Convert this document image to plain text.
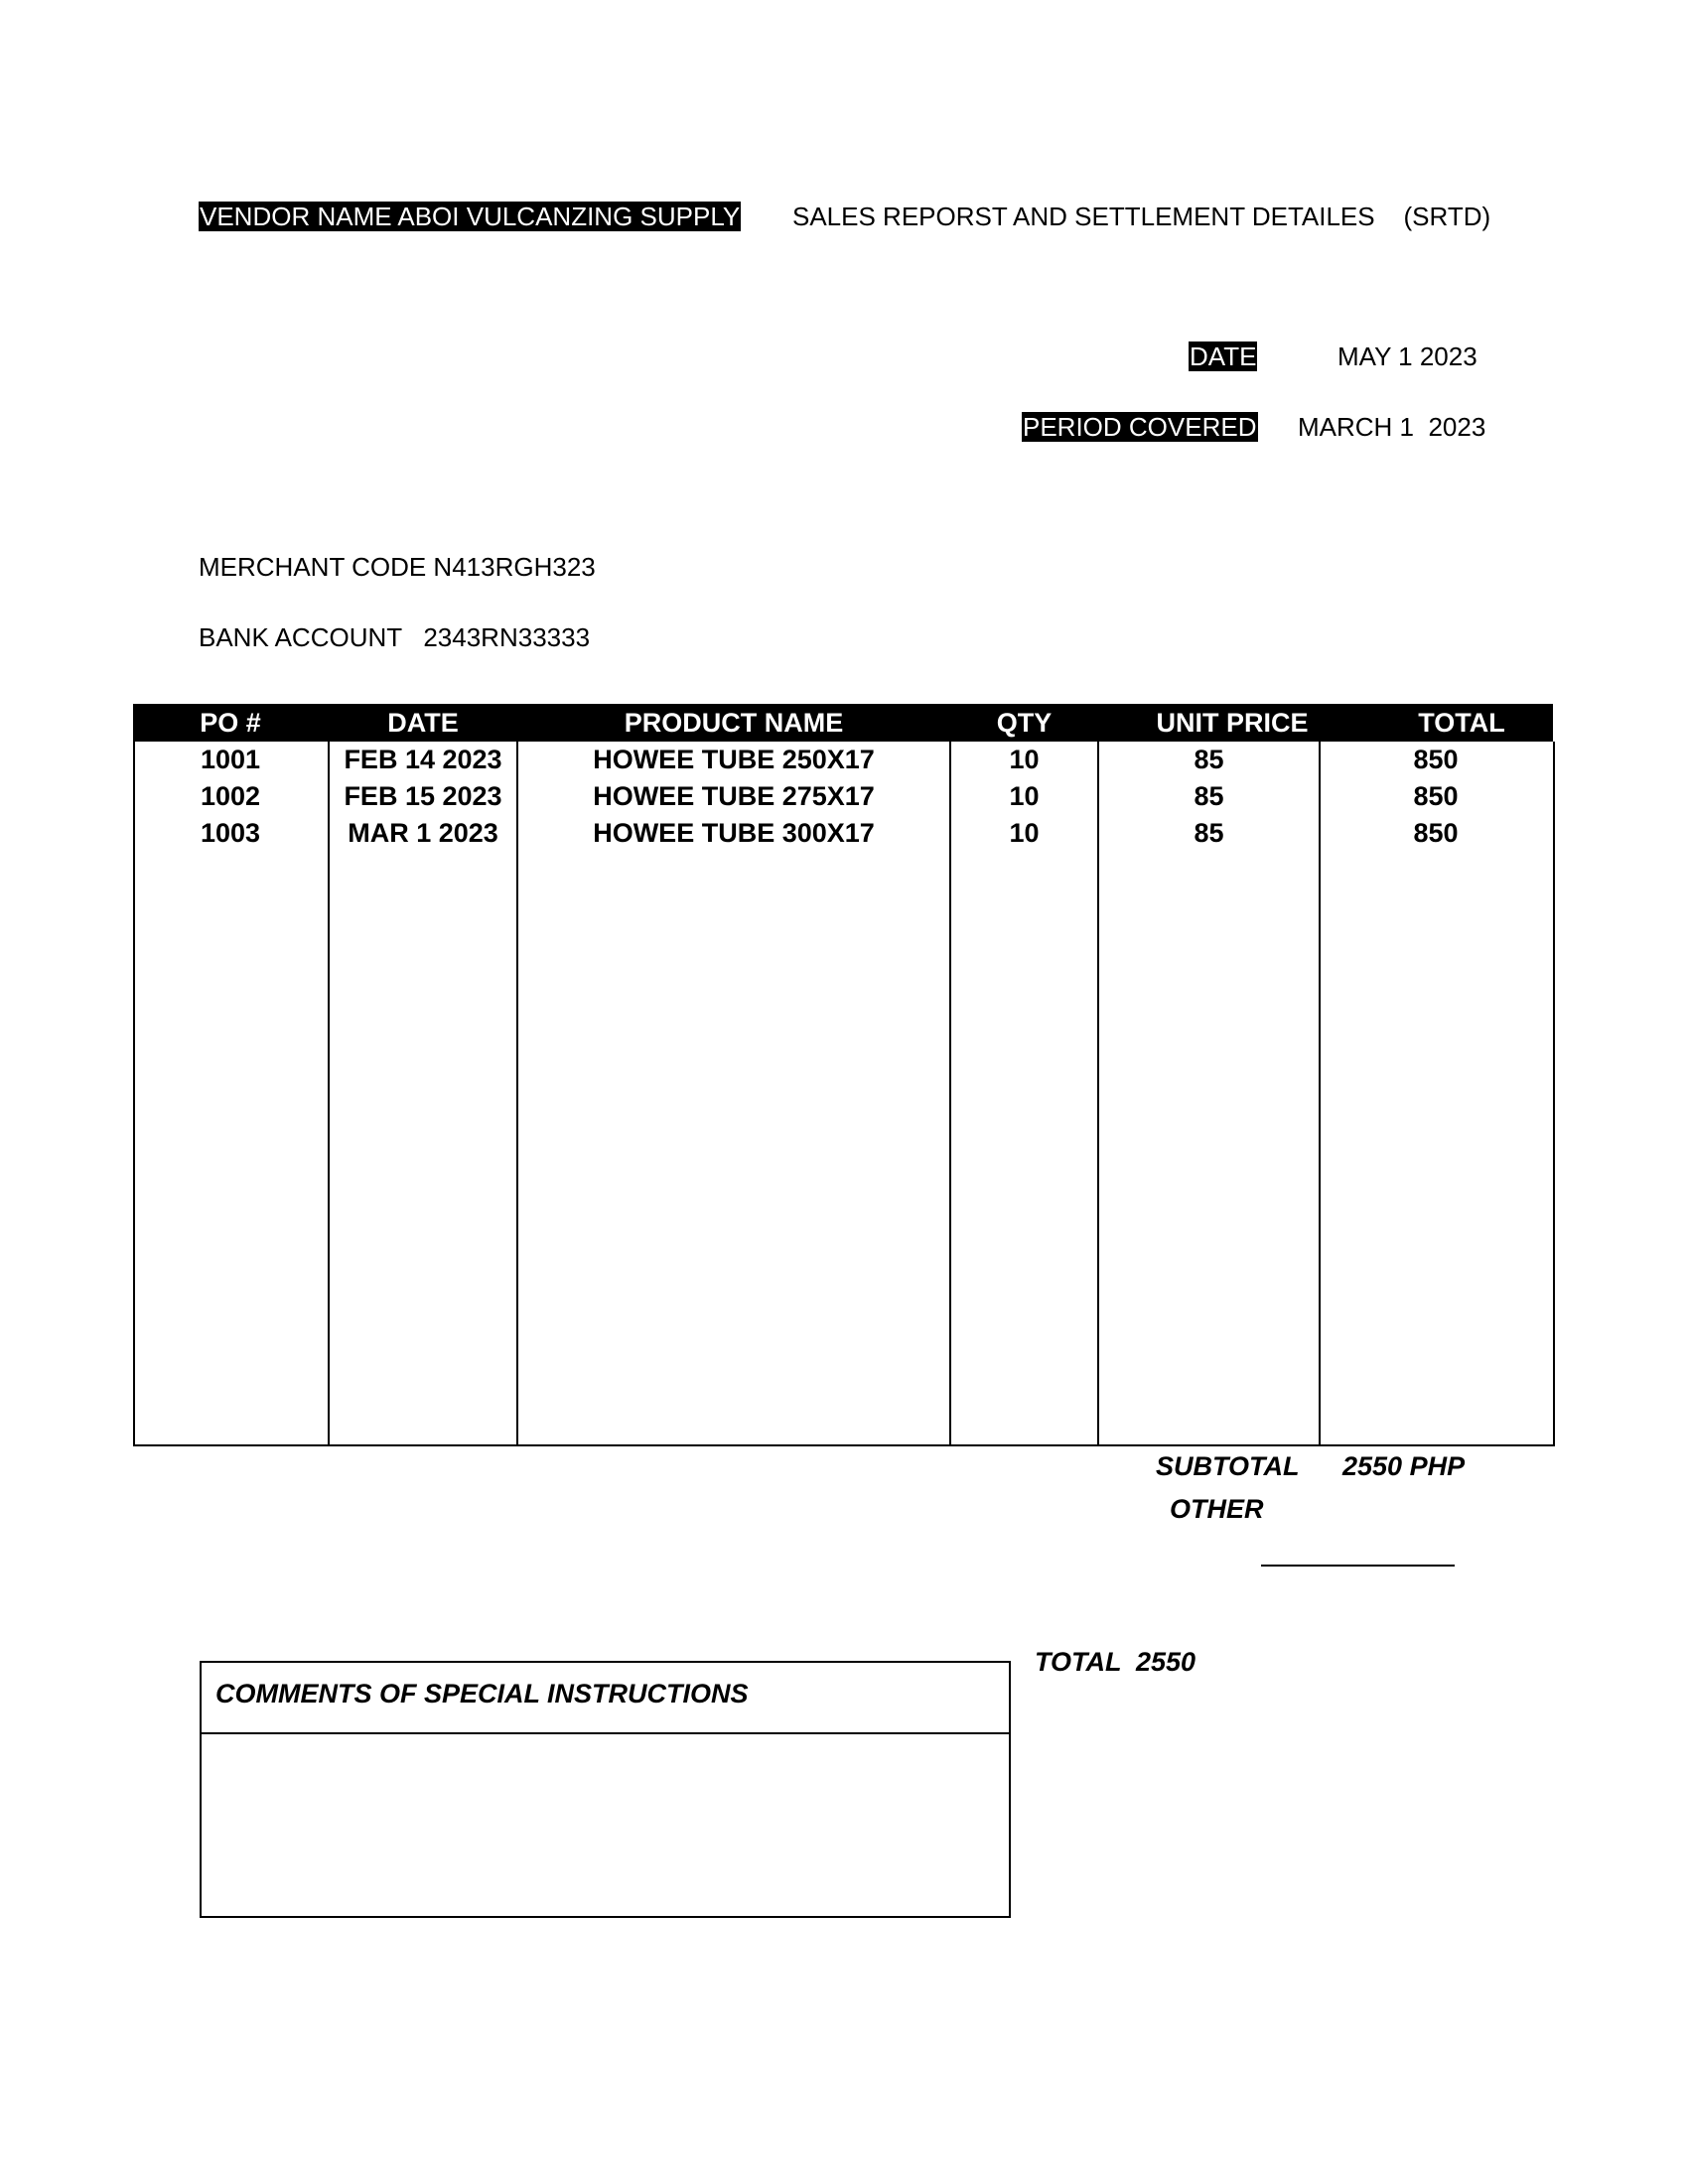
VENDOR NAME ABOI VULCANZING SUPPLY SALES REPORST AND SETTLEMENT DETAILES    (SRTD)
DATE	MAY 1 2023
PERIOD COVERED MARCH 1  2023
MERCHANT CODE N413RGH323
BANK ACCOUNT   2343RN33333
PO #	DATE	PRODUCT NAME	QTY	UNIT PRICE	TOTAL
1001	FEB 14 2023	HOWEE TUBE 250X17	10	85	850
1002	FEB 15 2023	HOWEE TUBE 275X17	10	85	850
1003	MAR 1 2023	HOWEE TUBE 300X17	10	85	850
SUBTOTAL 2550 PHP
OTHER
TOTAL  2550
COMMENTS OF SPECIAL INSTRUCTIONS
